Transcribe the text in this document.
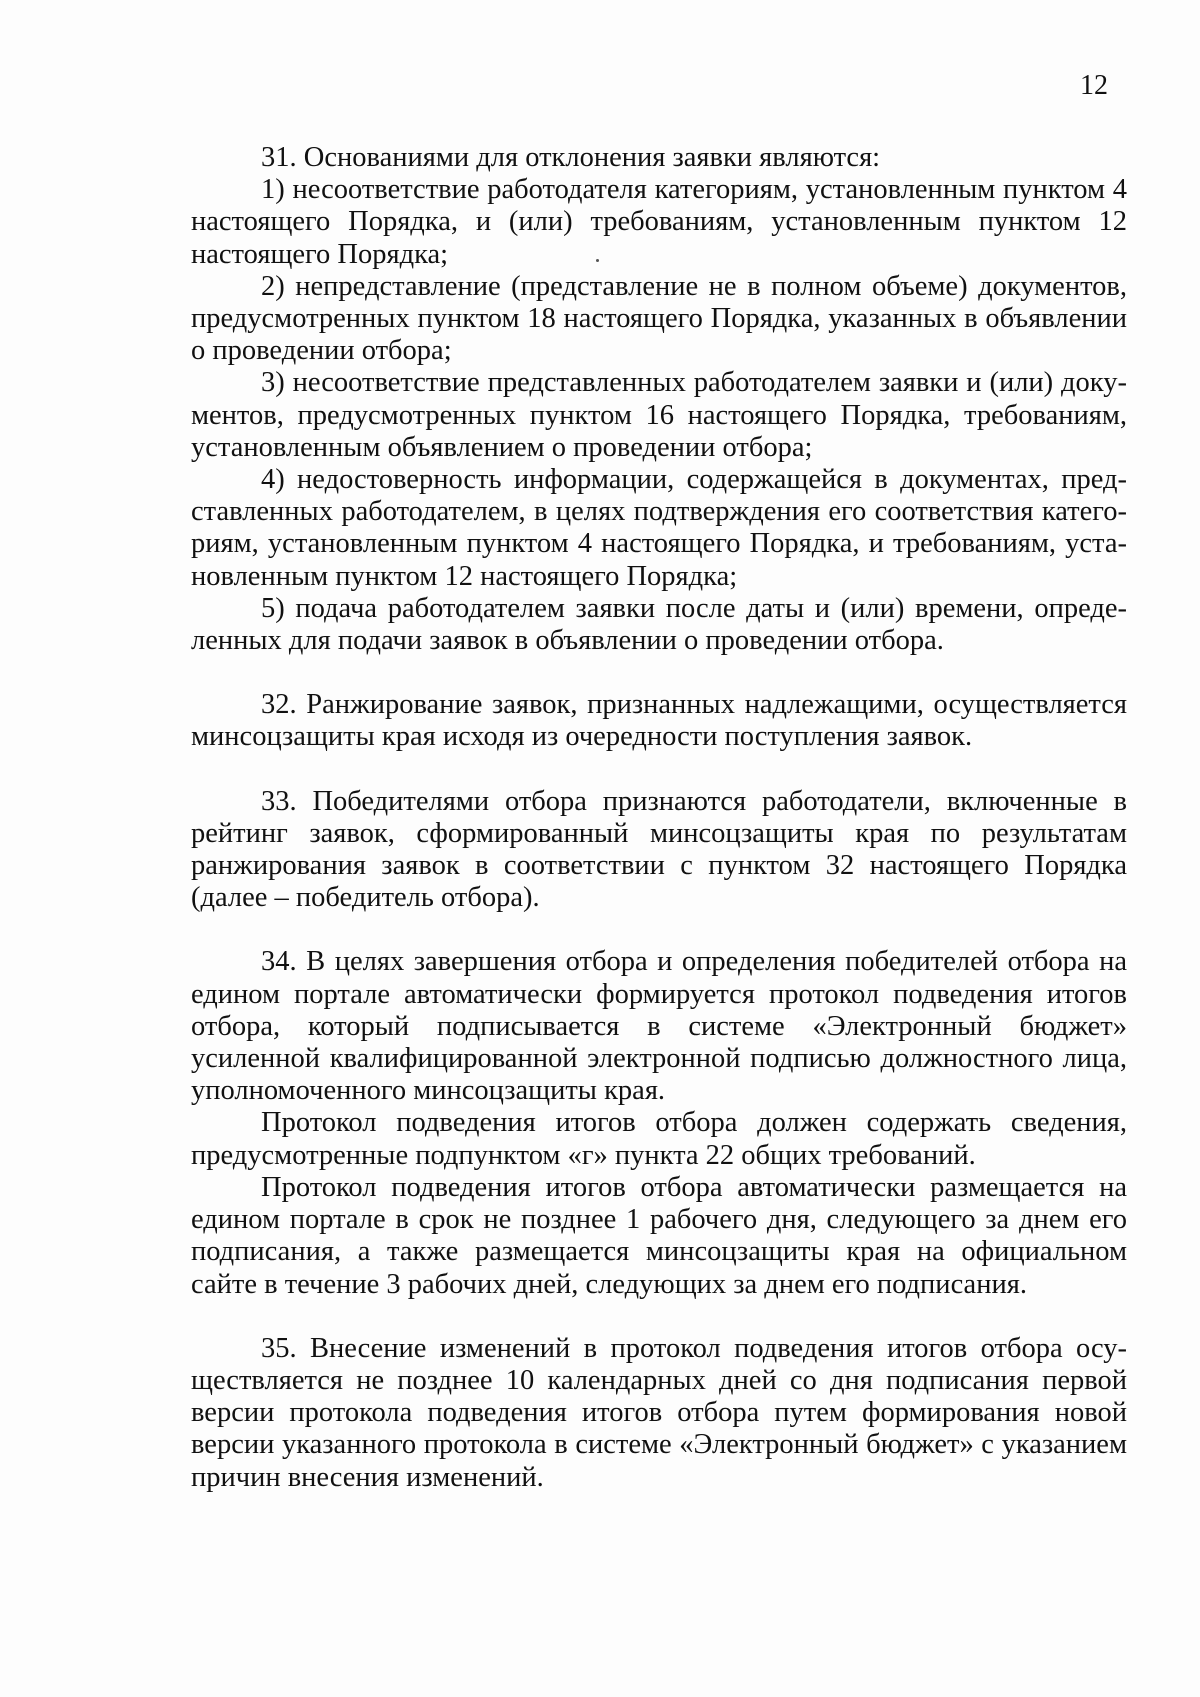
12

31. Основаниями для отклонения заявки являются:

1) несоответствие работодателя категориям, установленным пунктом 4 настоящего Порядка, и (или) требованиям, установленным пунктом 12 настоящего Порядка;

2) непредставление (представление не в полном объеме) документов, предусмотренных пунктом 18 настоящего Порядка, указанных в объявлении о проведении отбора;

3) несоответствие представленных работодателем заявки и (или) документов, предусмотренных пунктом 16 настоящего Порядка, требованиям, установленным объявлением о проведении отбора;

4) недостоверность информации, содержащейся в документах, представленных работодателем, в целях подтверждения его соответствия категориям, установленным пунктом 4 настоящего Порядка, и требованиям, установленным пунктом 12 настоящего Порядка;

5) подача работодателем заявки после даты и (или) времени, определенных для подачи заявок в объявлении о проведении отбора.

32. Ранжирование заявок, признанных надлежащими, осуществляется минсоцзащиты края исходя из очередности поступления заявок.

33. Победителями отбора признаются работодатели, включенные в рейтинг заявок, сформированный минсоцзащиты края по результатам ранжирования заявок в соответствии с пунктом 32 настоящего Порядка (далее – победитель отбора).

34. В целях завершения отбора и определения победителей отбора на едином портале автоматически формируется протокол подведения итогов отбора, который подписывается в системе «Электронный бюджет» усиленной квалифицированной электронной подписью должностного лица, уполномоченного минсоцзащиты края.

Протокол подведения итогов отбора должен содержать сведения, предусмотренные подпунктом «г» пункта 22 общих требований.

Протокол подведения итогов отбора автоматически размещается на едином портале в срок не позднее 1 рабочего дня, следующего за днем его подписания, а также размещается минсоцзащиты края на официальном сайте в течение 3 рабочих дней, следующих за днем его подписания.

35. Внесение изменений в протокол подведения итогов отбора осуществляется не позднее 10 календарных дней со дня подписания первой версии протокола подведения итогов отбора путем формирования новой версии указанного протокола в системе «Электронный бюджет» с указанием причин внесения изменений.
